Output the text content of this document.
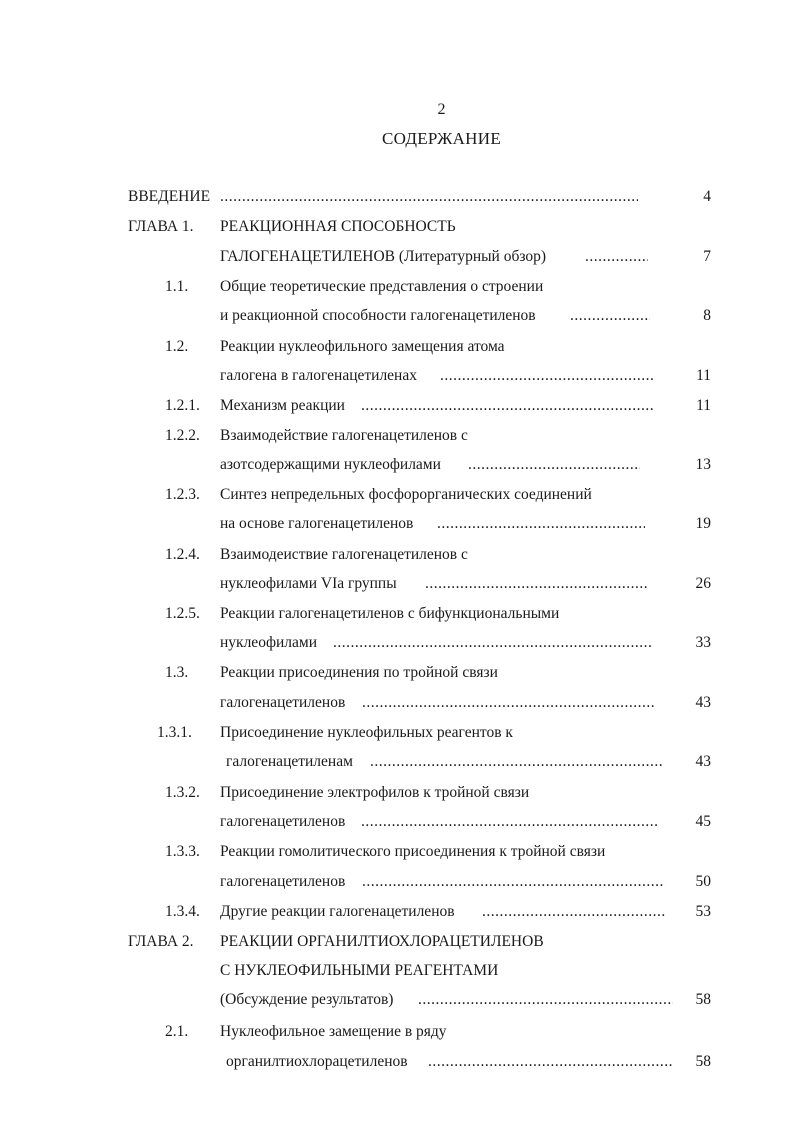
2
СОДЕРЖАНИЕ
ВВЕДЕНИЕ .....	4
ГЛАВА 1. РЕАКЦИОННАЯ СПОСОБНОСТЬ
ГАЛОГЕНАЦЕТИЛЕНОВ (Литературный обзор) .....	7
1.1. Общие теоретические представления о строении
и реакционной способности галогенацетиленов .....	8
1.2. Реакции нуклеофильного замещения атома
галогена в галогенацетиленах .....	11
1.2.1. Механизм реакции .....	11
1.2.2. Взаимодействие галогенацетиленов с
азотсодержащими нуклеофилами .....	13
1.2.3. Синтез непредельных фосфорорганических соединений
на основе галогенацетиленов .....	19
1.2.4. Взаимодеиствие галогенацетиленов с
нуклеофилами VIa группы .....	26
1.2.5. Реакции галогенацетиленов с бифункциональными
нуклеофилами .....	33
1.3. Реакции присоединения по тройной связи
галогенацетиленов .....	43
1.3.1. Присоединение нуклеофильных реагентов к
галогенацетиленам .....	43
1.3.2. Присоединение электрофилов к тройной связи
галогенацетиленов .....	45
1.3.3. Реакции гомолитического присоединения к тройной связи
галогенацетиленов .....	50
1.3.4. Другие реакции галогенацетиленов .....	53
ГЛАВА 2. РЕАКЦИИ ОРГАНИЛТИОХЛОРАЦЕТИЛЕНОВ
С НУКЛЕОФИЛЬНЫМИ РЕАГЕНТАМИ
(Обсуждение результатов) .....	58
2.1. Нуклеофильное замещение в ряду
органилтиохлорацетиленов .....	58
